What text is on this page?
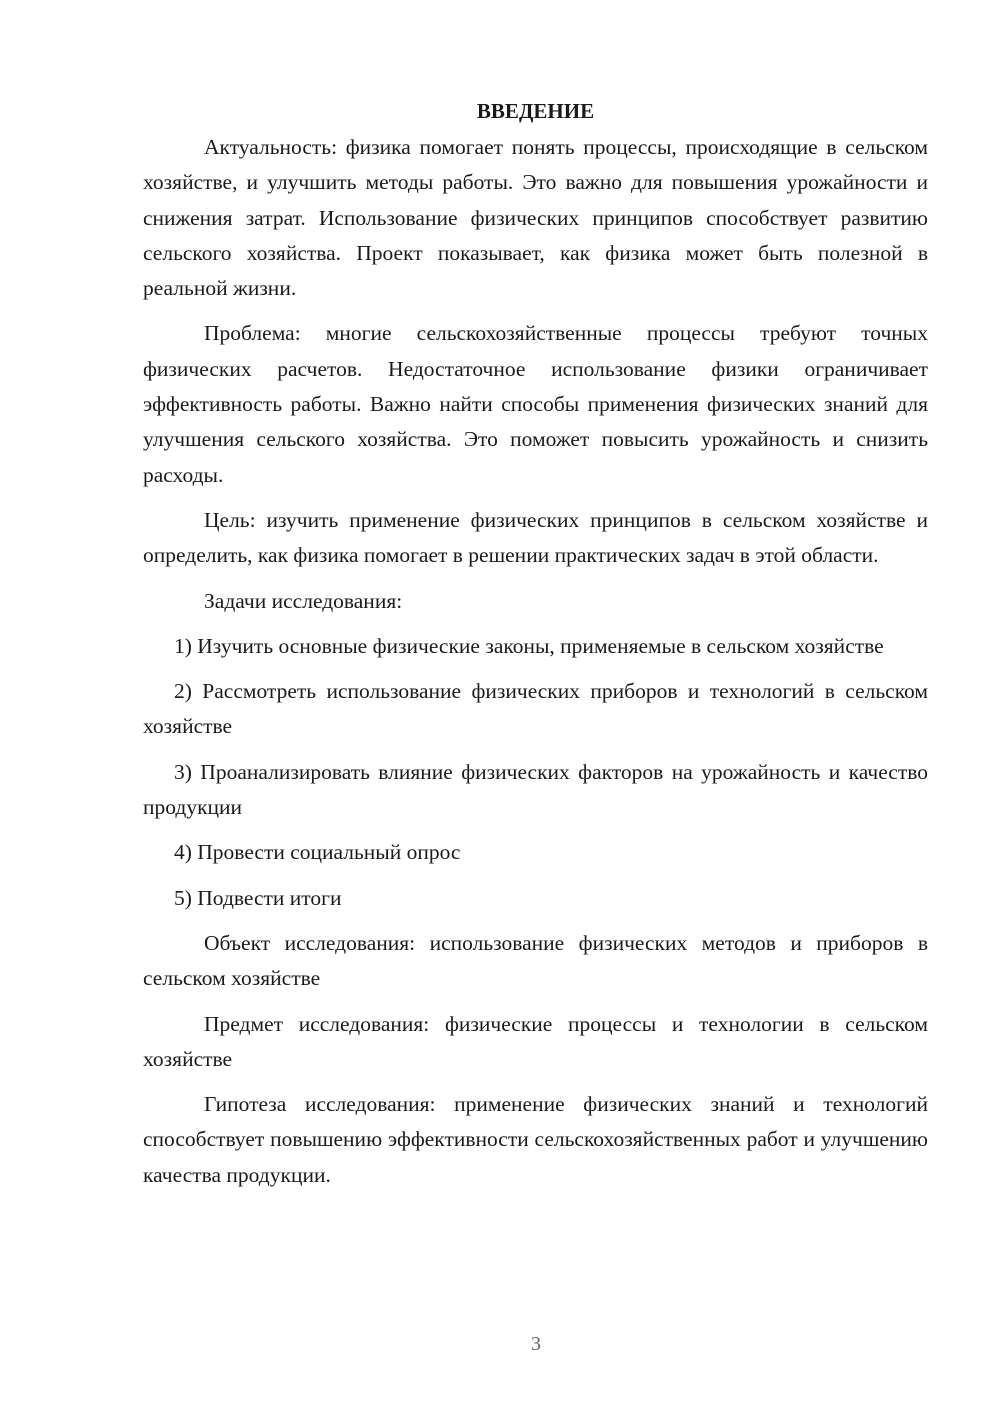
ВВЕДЕНИЕ

Актуальность: физика помогает понять процессы, происходящие в сельском хозяйстве, и улучшить методы работы. Это важно для повышения урожайности и снижения затрат. Использование физических принципов способствует развитию сельского хозяйства. Проект показывает, как физика может быть полезной в реальной жизни.

Проблема: многие сельскохозяйственные процессы требуют точных физических расчетов. Недостаточное использование физики ограничивает эффективность работы. Важно найти способы применения физических знаний для улучшения сельского хозяйства. Это поможет повысить урожайность и снизить расходы.

Цель: изучить применение физических принципов в сельском хозяйстве и определить, как физика помогает в решении практических задач в этой области.

Задачи исследования:

1) Изучить основные физические законы, применяемые в сельском хозяйстве

2) Рассмотреть использование физических приборов и технологий в сельском хозяйстве

3) Проанализировать влияние физических факторов на урожайность и качество продукции

4) Провести социальный опрос

5) Подвести итоги

Объект исследования: использование физических методов и приборов в сельском хозяйстве

Предмет исследования: физические процессы и технологии в сельском хозяйстве

Гипотеза исследования: применение физических знаний и технологий способствует повышению эффективности сельскохозяйственных работ и улучшению качества продукции.

3
